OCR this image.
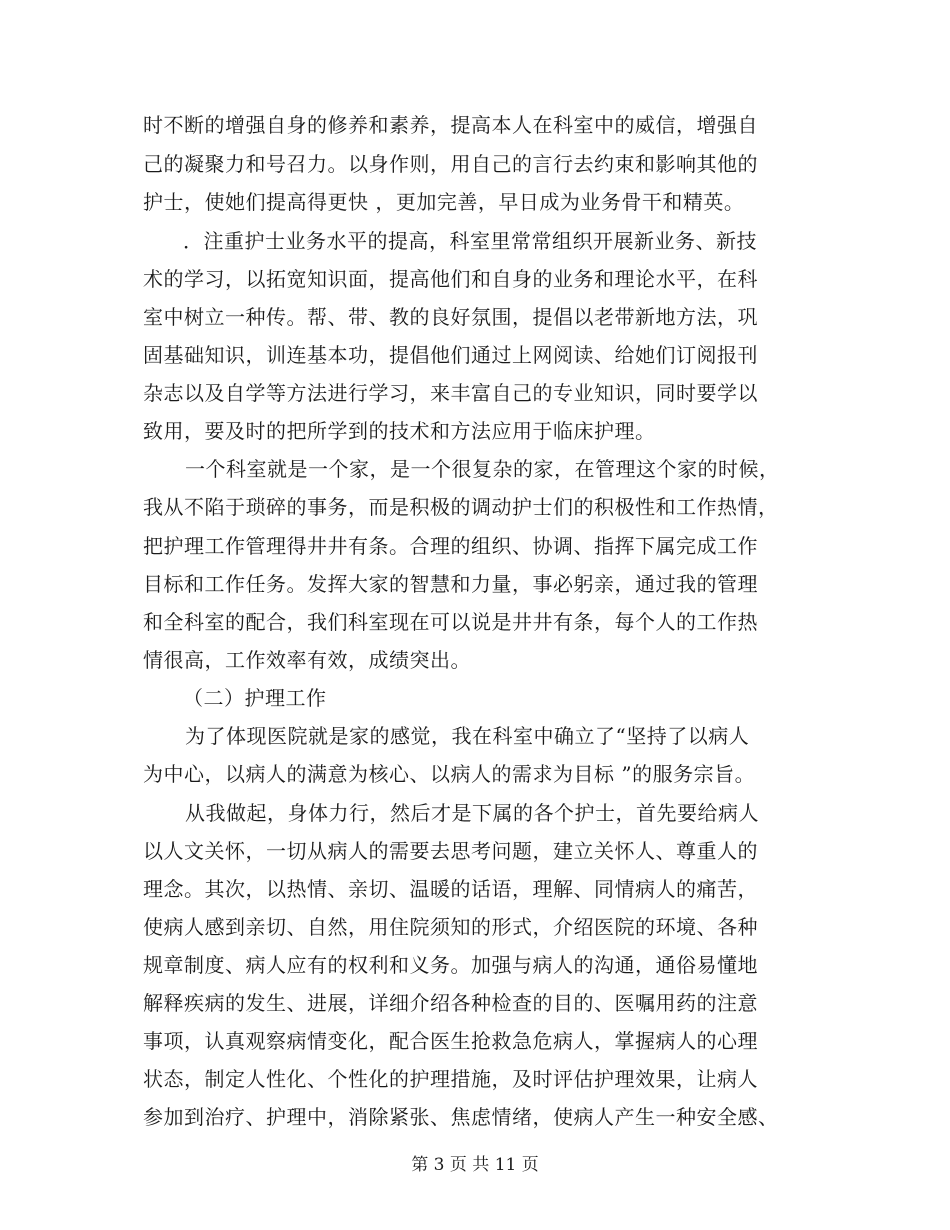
时不断的增强自身的修养和素养，提高本人在科室中的威信，增强自
己的凝聚力和号召力。以身作则，用自己的言行去约束和影响其他的
护士，使她们提高得更快 ，更加完善，早日成为业务骨干和精英。
．注重护士业务水平的提高，科室里常常组织开展新业务、新技
术的学习，以拓宽知识面，提高他们和自身的业务和理论水平，在科
室中树立一种传。帮、带、教的良好氛围，提倡以老带新地方法，巩
固基础知识，训连基本功，提倡他们通过上网阅读、给她们订阅报刊
杂志以及自学等方法进行学习，来丰富自己的专业知识，同时要学以
致用，要及时的把所学到的技术和方法应用于临床护理。
一个科室就是一个家，是一个很复杂的家，在管理这个家的时候，
我从不陷于琐碎的事务，而是积极的调动护士们的积极性和工作热情，
把护理工作管理得井井有条。合理的组织、协调、指挥下属完成工作
目标和工作任务。发挥大家的智慧和力量，事必躬亲，通过我的管理
和全科室的配合，我们科室现在可以说是井井有条，每个人的工作热
情很高，工作效率有效，成绩突出。
（二）护理工作
为了体现医院就是家的感觉，我在科室中确立了“坚持了以病人
为中心，以病人的满意为核心、以病人的需求为目标 ”的服务宗旨。
从我做起，身体力行，然后才是下属的各个护士，首先要给病人
以人文关怀，一切从病人的需要去思考问题，建立关怀人、尊重人的
理念。其次，以热情、亲切、温暖的话语，理解、同情病人的痛苦，
使病人感到亲切、自然，用住院须知的形式，介绍医院的环境、各种
规章制度、病人应有的权利和义务。加强与病人的沟通，通俗易懂地
解释疾病的发生、进展，详细介绍各种检查的目的、医嘱用药的注意
事项，认真观察病情变化，配合医生抢救急危病人，掌握病人的心理
状态，制定人性化、个性化的护理措施，及时评估护理效果，让病人
参加到治疗、护理中，消除紧张、焦虑情绪，使病人产生一种安全感、
第 3 页 共 11 页
